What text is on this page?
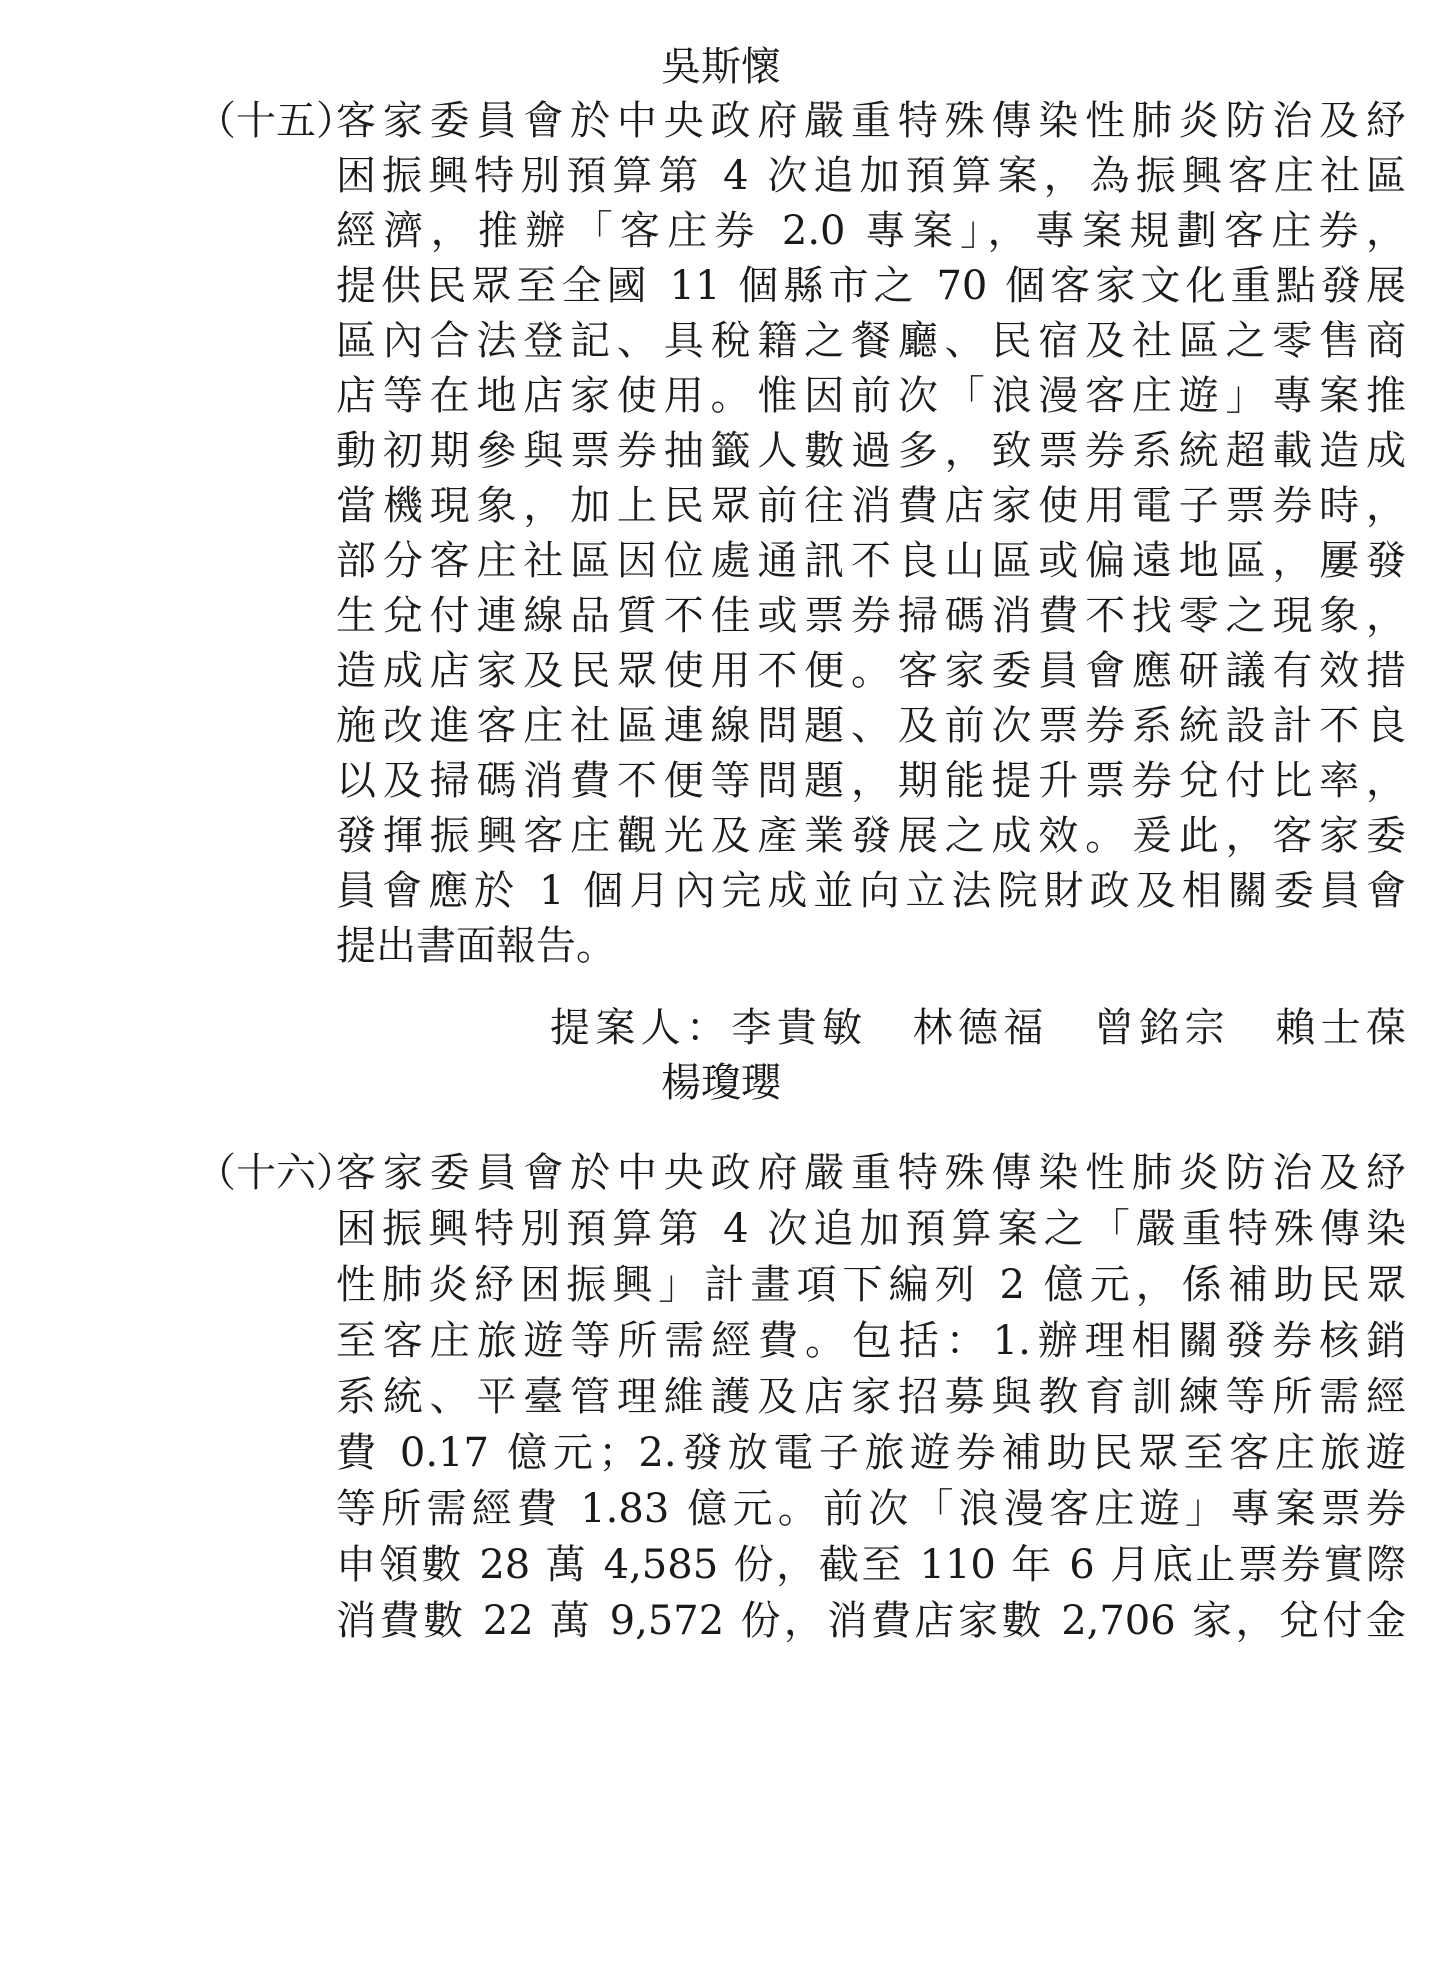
吳斯懷
（十五）
客家委員會於中央政府嚴重特殊傳染性肺炎防治及紓
困振興特別預算第 4 次追加預算案，為振興客庄社區
經濟，推辦「客庄券 2.0 專案」，專案規劃客庄券，
提供民眾至全國 11 個縣市之 70 個客家文化重點發展
區內合法登記、具稅籍之餐廳、民宿及社區之零售商
店等在地店家使用。惟因前次「浪漫客庄遊」專案推
動初期參與票券抽籤人數過多，致票券系統超載造成
當機現象，加上民眾前往消費店家使用電子票券時，
部分客庄社區因位處通訊不良山區或偏遠地區，屢發
生兌付連線品質不佳或票券掃碼消費不找零之現象，
造成店家及民眾使用不便。客家委員會應研議有效措
施改進客庄社區連線問題、及前次票券系統設計不良
以及掃碼消費不便等問題，期能提升票券兌付比率，
發揮振興客庄觀光及產業發展之成效。爰此，客家委
員會應於 1 個月內完成並向立法院財政及相關委員會
提出書面報告。
提案人：李貴敏　林德福　曾銘宗　賴士葆
楊瓊瓔
（十六）
客家委員會於中央政府嚴重特殊傳染性肺炎防治及紓
困振興特別預算第 4 次追加預算案之「嚴重特殊傳染
性肺炎紓困振興」計畫項下編列 2 億元，係補助民眾
至客庄旅遊等所需經費。包括：1.辦理相關發券核銷
系統、平臺管理維護及店家招募與教育訓練等所需經
費 0.17 億元；2.發放電子旅遊券補助民眾至客庄旅遊
等所需經費 1.83 億元。前次「浪漫客庄遊」專案票券
申領數 28 萬 4,585 份，截至 110 年 6 月底止票券實際
消費數 22 萬 9,572 份，消費店家數 2,706 家，兌付金
